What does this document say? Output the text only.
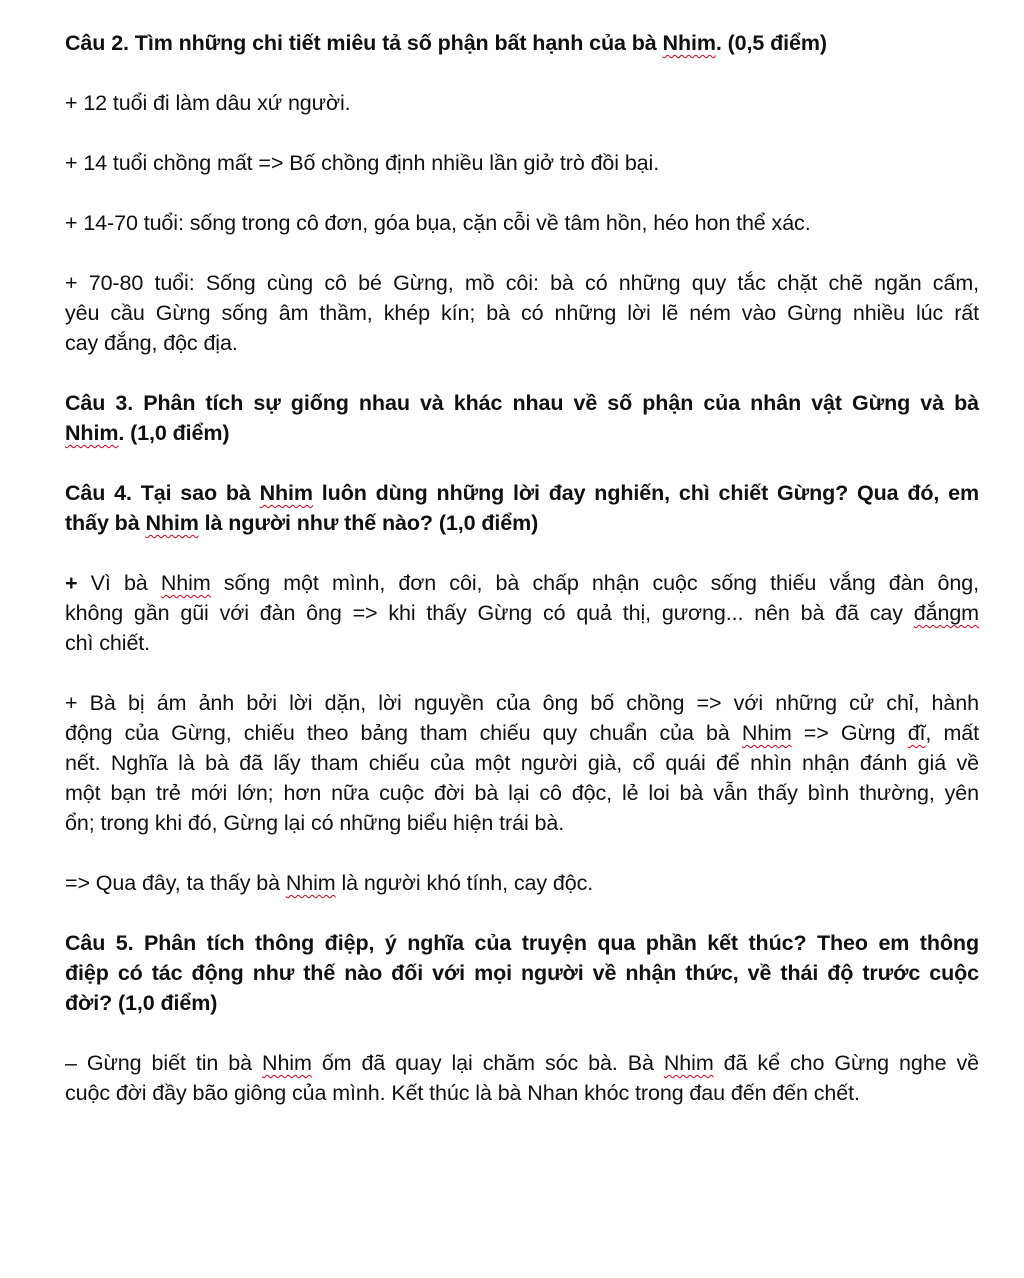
Câu 2. Tìm những chi tiết miêu tả số phận bất hạnh của bà Nhim. (0,5 điểm)

+ 12 tuổi đi làm dâu xứ người.

+ 14 tuổi chồng mất => Bố chồng định nhiều lần giở trò đồi bại.

+ 14-70 tuổi: sống trong cô đơn, góa bụa, cặn cỗi về tâm hồn, héo hon thể xác.

+ 70-80 tuổi: Sống cùng cô bé Gừng, mồ côi: bà có những quy tắc chặt chẽ ngăn cấm,
yêu cầu Gừng sống âm thầm, khép kín; bà có những lời lẽ ném vào Gừng nhiều lúc rất
cay đắng, độc địa.

Câu 3. Phân tích sự giống nhau và khác nhau về số phận của nhân vật Gừng và bà
Nhim. (1,0 điểm)

Câu 4. Tại sao bà Nhim luôn dùng những lời đay nghiến, chì chiết Gừng? Qua đó, em
thấy bà Nhim là người như thế nào? (1,0 điểm)

+ Vì bà Nhim sống một mình, đơn côi, bà chấp nhận cuộc sống thiếu vắng đàn ông,
không gần gũi với đàn ông => khi thấy Gừng có quả thị, gương... nên bà đã cay đắngm
chì chiết.

+ Bà bị ám ảnh bởi lời dặn, lời nguyền của ông bố chồng => với những cử chỉ, hành
động của Gừng, chiếu theo bảng tham chiếu quy chuẩn của bà Nhim => Gừng đĩ, mất
nết. Nghĩa là bà đã lấy tham chiếu của một người già, cổ quái để nhìn nhận đánh giá về
một bạn trẻ mới lớn; hơn nữa cuộc đời bà lại cô độc, lẻ loi bà vẫn thấy bình thường, yên
ổn; trong khi đó, Gừng lại có những biểu hiện trái bà.

=> Qua đây, ta thấy bà Nhim là người khó tính, cay độc.

Câu 5. Phân tích thông điệp, ý nghĩa của truyện qua phần kết thúc? Theo em thông
điệp có tác động như thế nào đối với mọi người về nhận thức, về thái độ trước cuộc
đời? (1,0 điểm)

– Gừng biết tin bà Nhim ốm đã quay lại chăm sóc bà. Bà Nhim đã kể cho Gừng nghe về
cuộc đời đầy bão giông của mình. Kết thúc là bà Nhan khóc trong đau đến đến chết.
